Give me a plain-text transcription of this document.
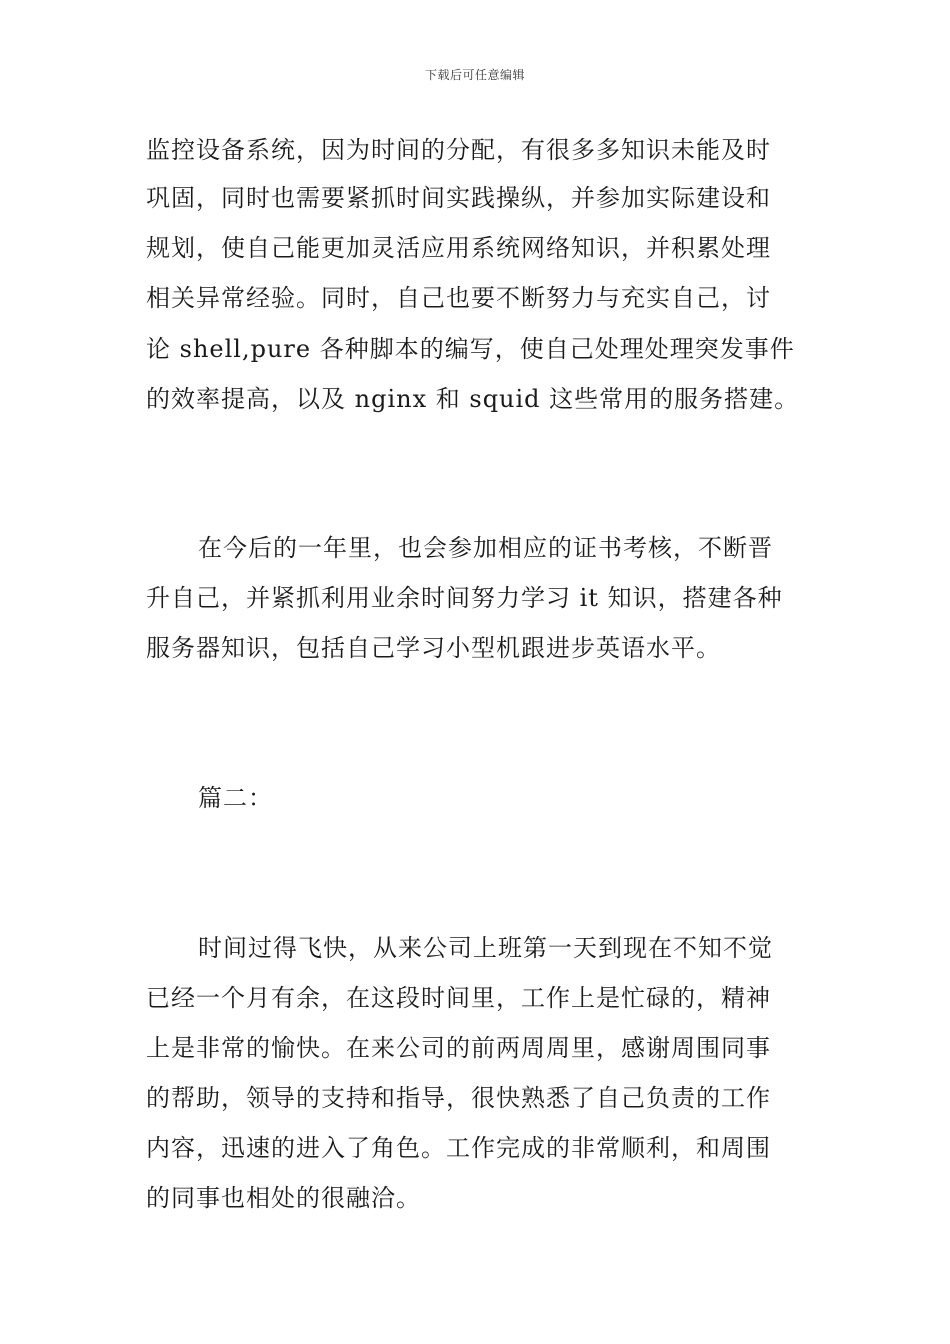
下载后可任意编辑
监控设备系统，因为时间的分配，有很多多知识未能及时
巩固，同时也需要紧抓时间实践操纵，并参加实际建设和
规划，使自己能更加灵活应用系统网络知识，并积累处理
相关异常经验。同时，自己也要不断努力与充实自己，讨
论 shell,pure 各种脚本的编写，使自己处理处理突发事件
的效率提高，以及 nginx 和 squid 这些常用的服务搭建。
在今后的一年里，也会参加相应的证书考核，不断晋
升自己，并紧抓利用业余时间努力学习 it 知识，搭建各种
服务器知识，包括自己学习小型机跟进步英语水平。
篇二：
时间过得飞快，从来公司上班第一天到现在不知不觉
已经一个月有余，在这段时间里，工作上是忙碌的，精神
上是非常的愉快。在来公司的前两周周里，感谢周围同事
的帮助，领导的支持和指导，很快熟悉了自己负责的工作
内容，迅速的进入了角色。工作完成的非常顺利，和周围
的同事也相处的很融洽。
